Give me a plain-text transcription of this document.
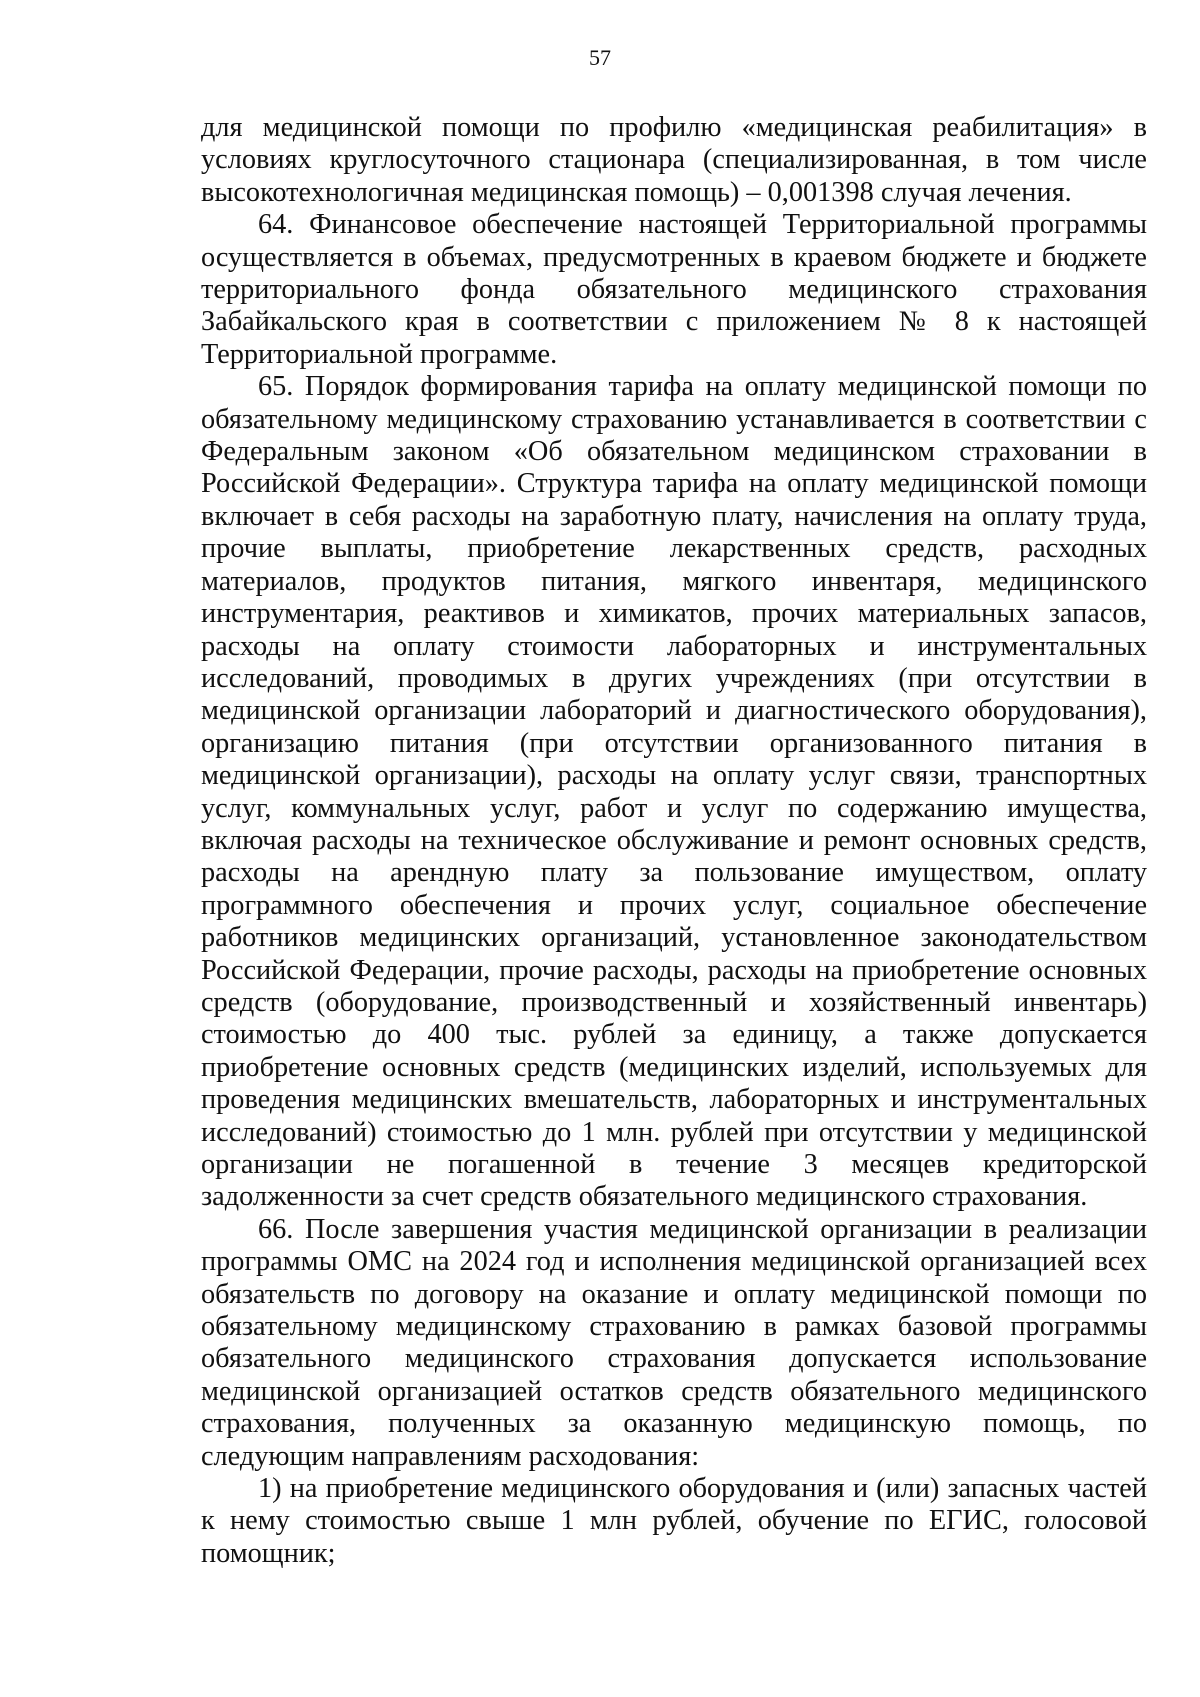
57

для медицинской помощи по профилю «медицинская реабилитация» в условиях круглосуточного стационара (специализированная, в том числе высокотехнологичная медицинская помощь) – 0,001398 случая лечения.

64. Финансовое обеспечение настоящей Территориальной программы осуществляется в объемах, предусмотренных в краевом бюджете и бюджете территориального фонда обязательного медицинского страхования Забайкальского края в соответствии с приложением № 8 к настоящей Территориальной программе.

65. Порядок формирования тарифа на оплату медицинской помощи по обязательному медицинскому страхованию устанавливается в соответствии с Федеральным законом «Об обязательном медицинском страховании в Российской Федерации». Структура тарифа на оплату медицинской помощи включает в себя расходы на заработную плату, начисления на оплату труда, прочие выплаты, приобретение лекарственных средств, расходных материалов, продуктов питания, мягкого инвентаря, медицинского инструментария, реактивов и химикатов, прочих материальных запасов, расходы на оплату стоимости лабораторных и инструментальных исследований, проводимых в других учреждениях (при отсутствии в медицинской организации лабораторий и диагностического оборудования), организацию питания (при отсутствии организованного питания в медицинской организации), расходы на оплату услуг связи, транспортных услуг, коммунальных услуг, работ и услуг по содержанию имущества, включая расходы на техническое обслуживание и ремонт основных средств, расходы на арендную плату за пользование имуществом, оплату программного обеспечения и прочих услуг, социальное обеспечение работников медицинских организаций, установленное законодательством Российской Федерации, прочие расходы, расходы на приобретение основных средств (оборудование, производственный и хозяйственный инвентарь) стоимостью до 400 тыс. рублей за единицу, а также допускается приобретение основных средств (медицинских изделий, используемых для проведения медицинских вмешательств, лабораторных и инструментальных исследований) стоимостью до 1 млн. рублей при отсутствии у медицинской организации не погашенной в течение 3 месяцев кредиторской задолженности за счет средств обязательного медицинского страхования.

66. После завершения участия медицинской организации в реализации программы ОМС на 2024 год и исполнения медицинской организацией всех обязательств по договору на оказание и оплату медицинской помощи по обязательному медицинскому страхованию в рамках базовой программы обязательного медицинского страхования допускается использование медицинской организацией остатков средств обязательного медицинского страхования, полученных за оказанную медицинскую помощь, по следующим направлениям расходования:

1) на приобретение медицинского оборудования и (или) запасных частей к нему стоимостью свыше 1 млн рублей, обучение по ЕГИС, голосовой помощник;
